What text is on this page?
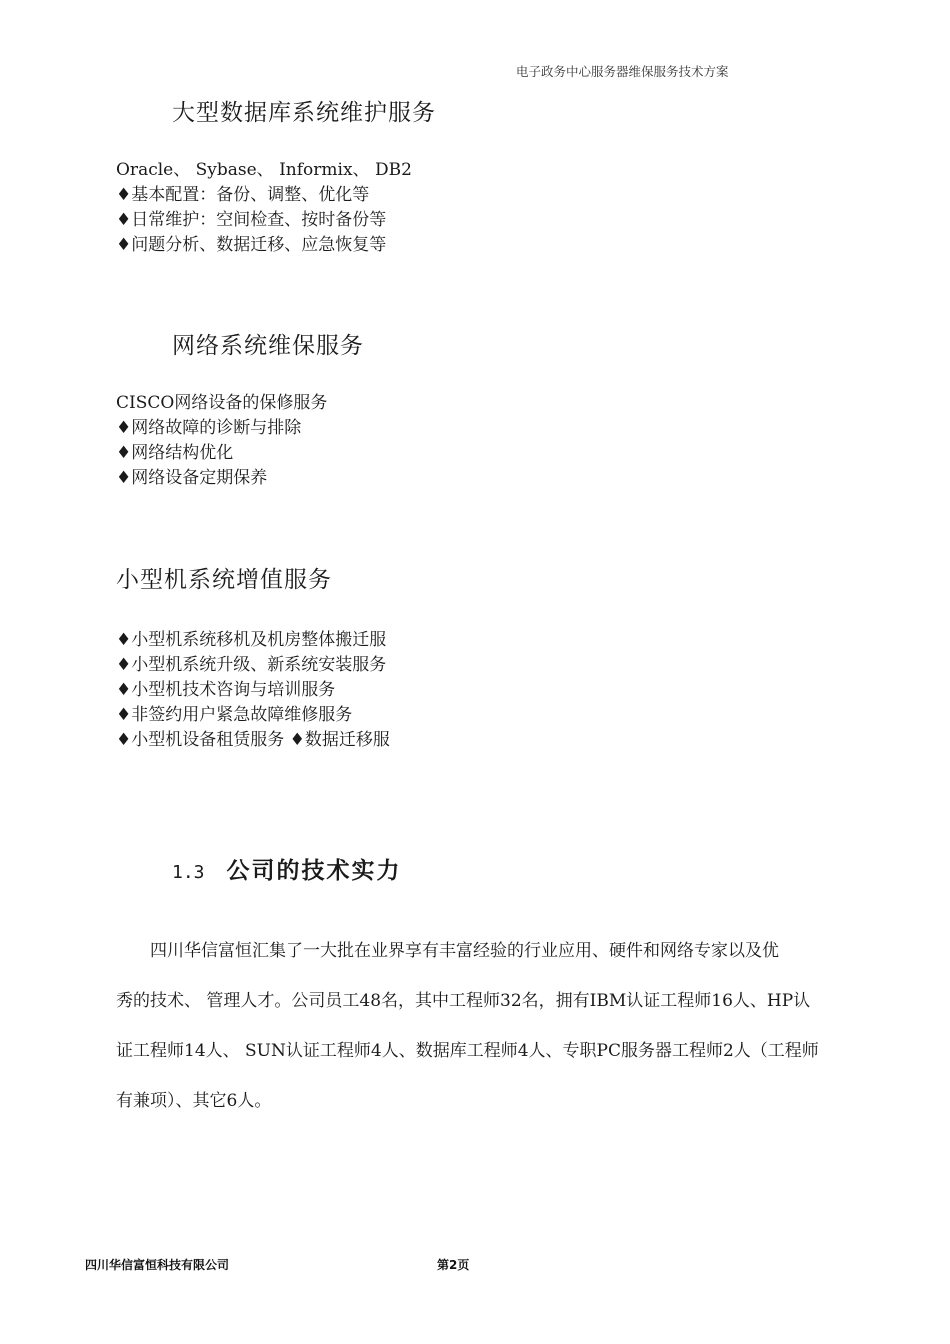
电子政务中心服务器维保服务技术方案
大型数据库系统维护服务
Oracle、 Sybase、 Informix、 DB2
♦基本配置：备份、调整、优化等
♦日常维护：空间检查、按时备份等
♦问题分析、数据迁移、应急恢复等
网络系统维保服务
CISCO网络设备的保修服务
♦网络故障的诊断与排除
♦网络结构优化
♦网络设备定期保养
小型机系统增值服务
♦小型机系统移机及机房整体搬迁服
♦小型机系统升级、新系统安装服务
♦小型机技术咨询与培训服务
♦非签约用户紧急故障维修服务
♦小型机设备租赁服务 ♦数据迁移服
1.3 公司的技术实力
　　四川华信富恒汇集了一大批在业界享有丰富经验的行业应用、硬件和网络专家以及优
秀的技术、 管理人才。公司员工48名，其中工程师32名，拥有IBM认证工程师16人、HP认
证工程师14人、 SUN认证工程师4人、数据库工程师4人、专职PC服务器工程师2人（工程师
有兼项）、其它6人。
四川华信富恒科技有限公司	第2页
